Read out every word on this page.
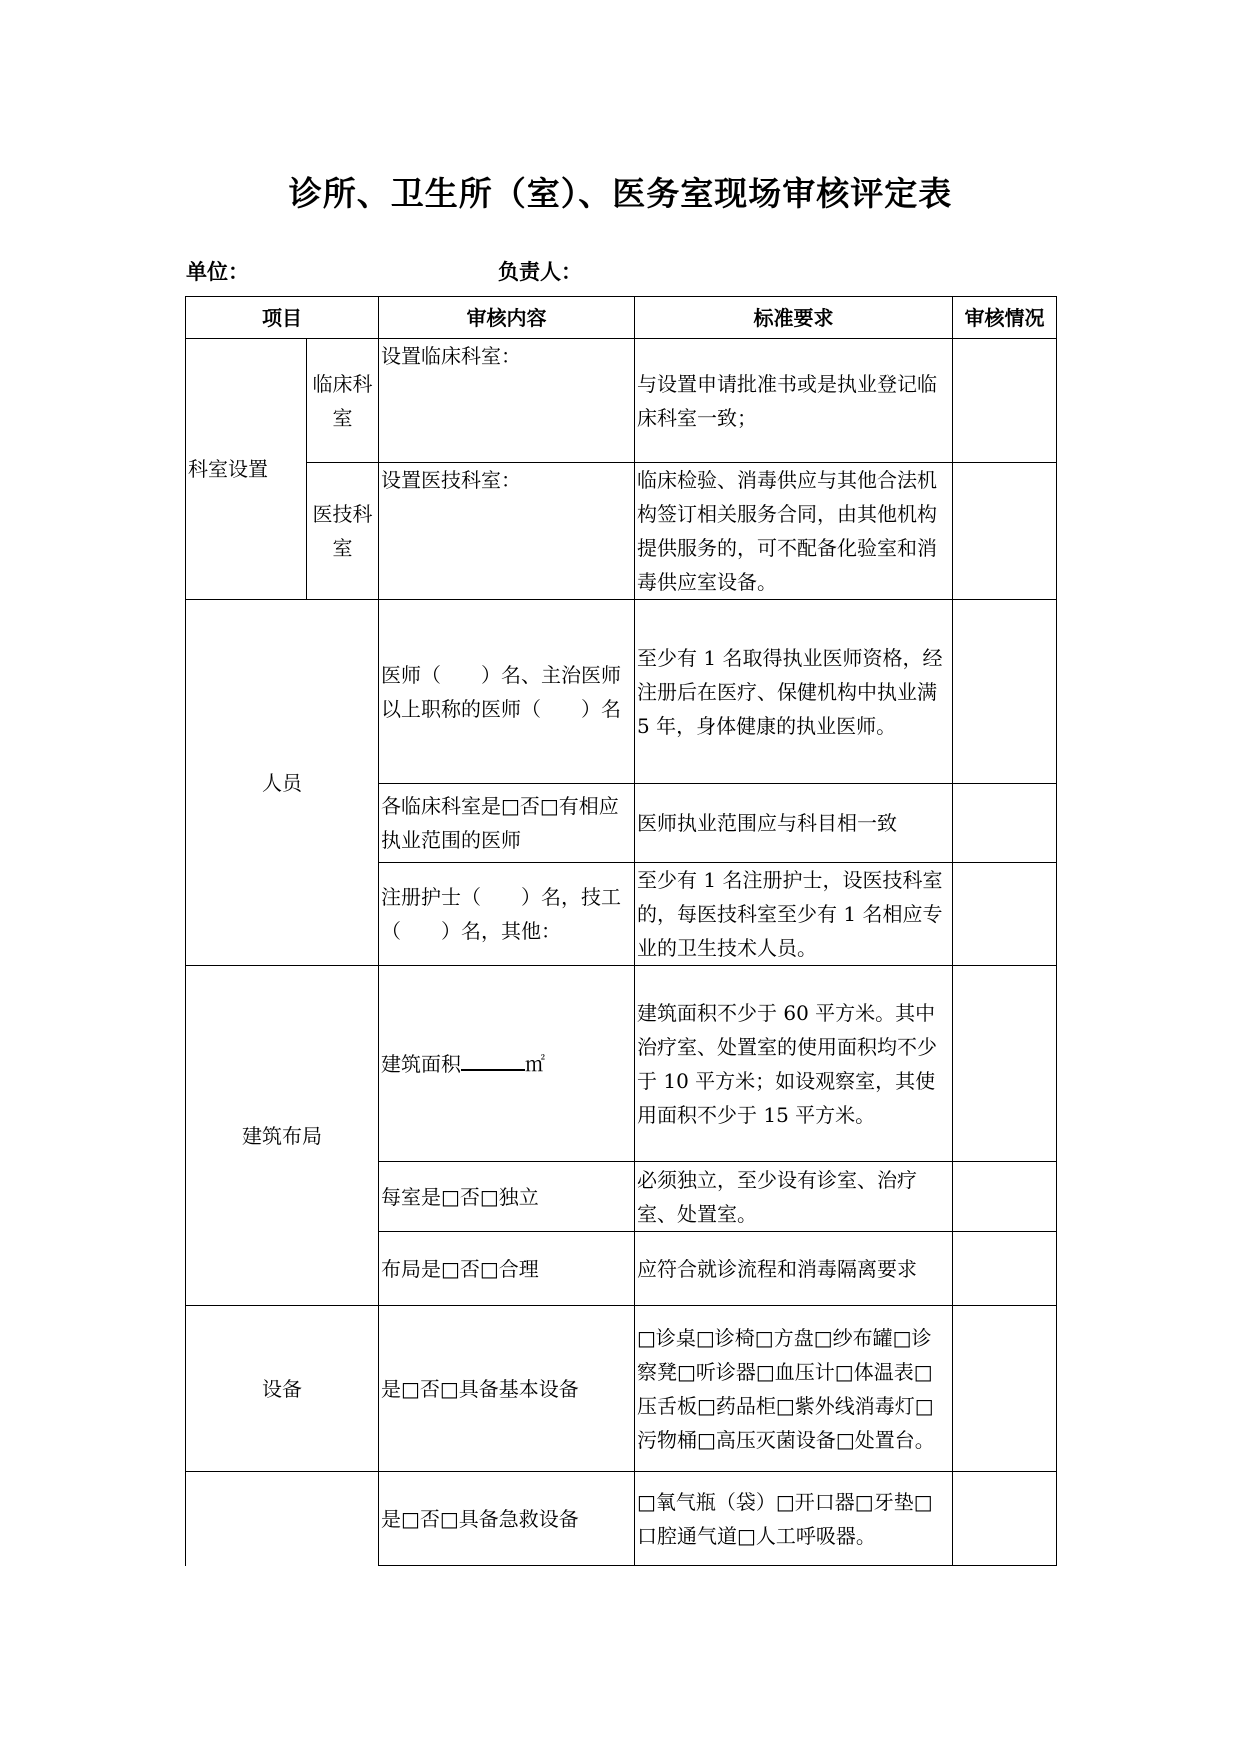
诊所、卫生所（室）、医务室现场审核评定表
单位：	负责人：
项目		审核内容	标准要求	审核情况
科室设置	临床科室	设置临床科室：	与设置申请批准书或是执业登记临床科室一致；	
	医技科室	设置医技科室：	临床检验、消毒供应与其他合法机构签订相关服务合同，由其他机构提供服务的，可不配备化验室和消毒供应室设备。	
人员		医师（　　）名、主治医师以上职称的医师（　　）名	至少有 1 名取得执业医师资格，经注册后在医疗、保健机构中执业满 5 年，身体健康的执业医师。	
		各临床科室是□否□有相应执业范围的医师	医师执业范围应与科目相一致	
		注册护士（　　）名，技工（　　）名，其他：	至少有 1 名注册护士，设医技科室的，每医技科室至少有 1 名相应专业的卫生技术人员。	
建筑布局		建筑面积 ㎡	建筑面积不少于 60 平方米。其中治疗室、处置室的使用面积均不少于 10 平方米；如设观察室，其使用面积不少于 15 平方米。	
		每室是□否□独立	必须独立，至少设有诊室、治疗室、处置室。	
		布局是□否□合理	应符合就诊流程和消毒隔离要求	
设备		是□否□具备基本设备	□诊桌□诊椅□方盘□纱布罐□诊察凳□听诊器□血压计□体温表□压舌板□药品柜□紫外线消毒灯□污物桶□高压灭菌设备□处置台。	
		是□否□具备急救设备	□氧气瓶（袋）□开口器□牙垫□口腔通气道□人工呼吸器。	
